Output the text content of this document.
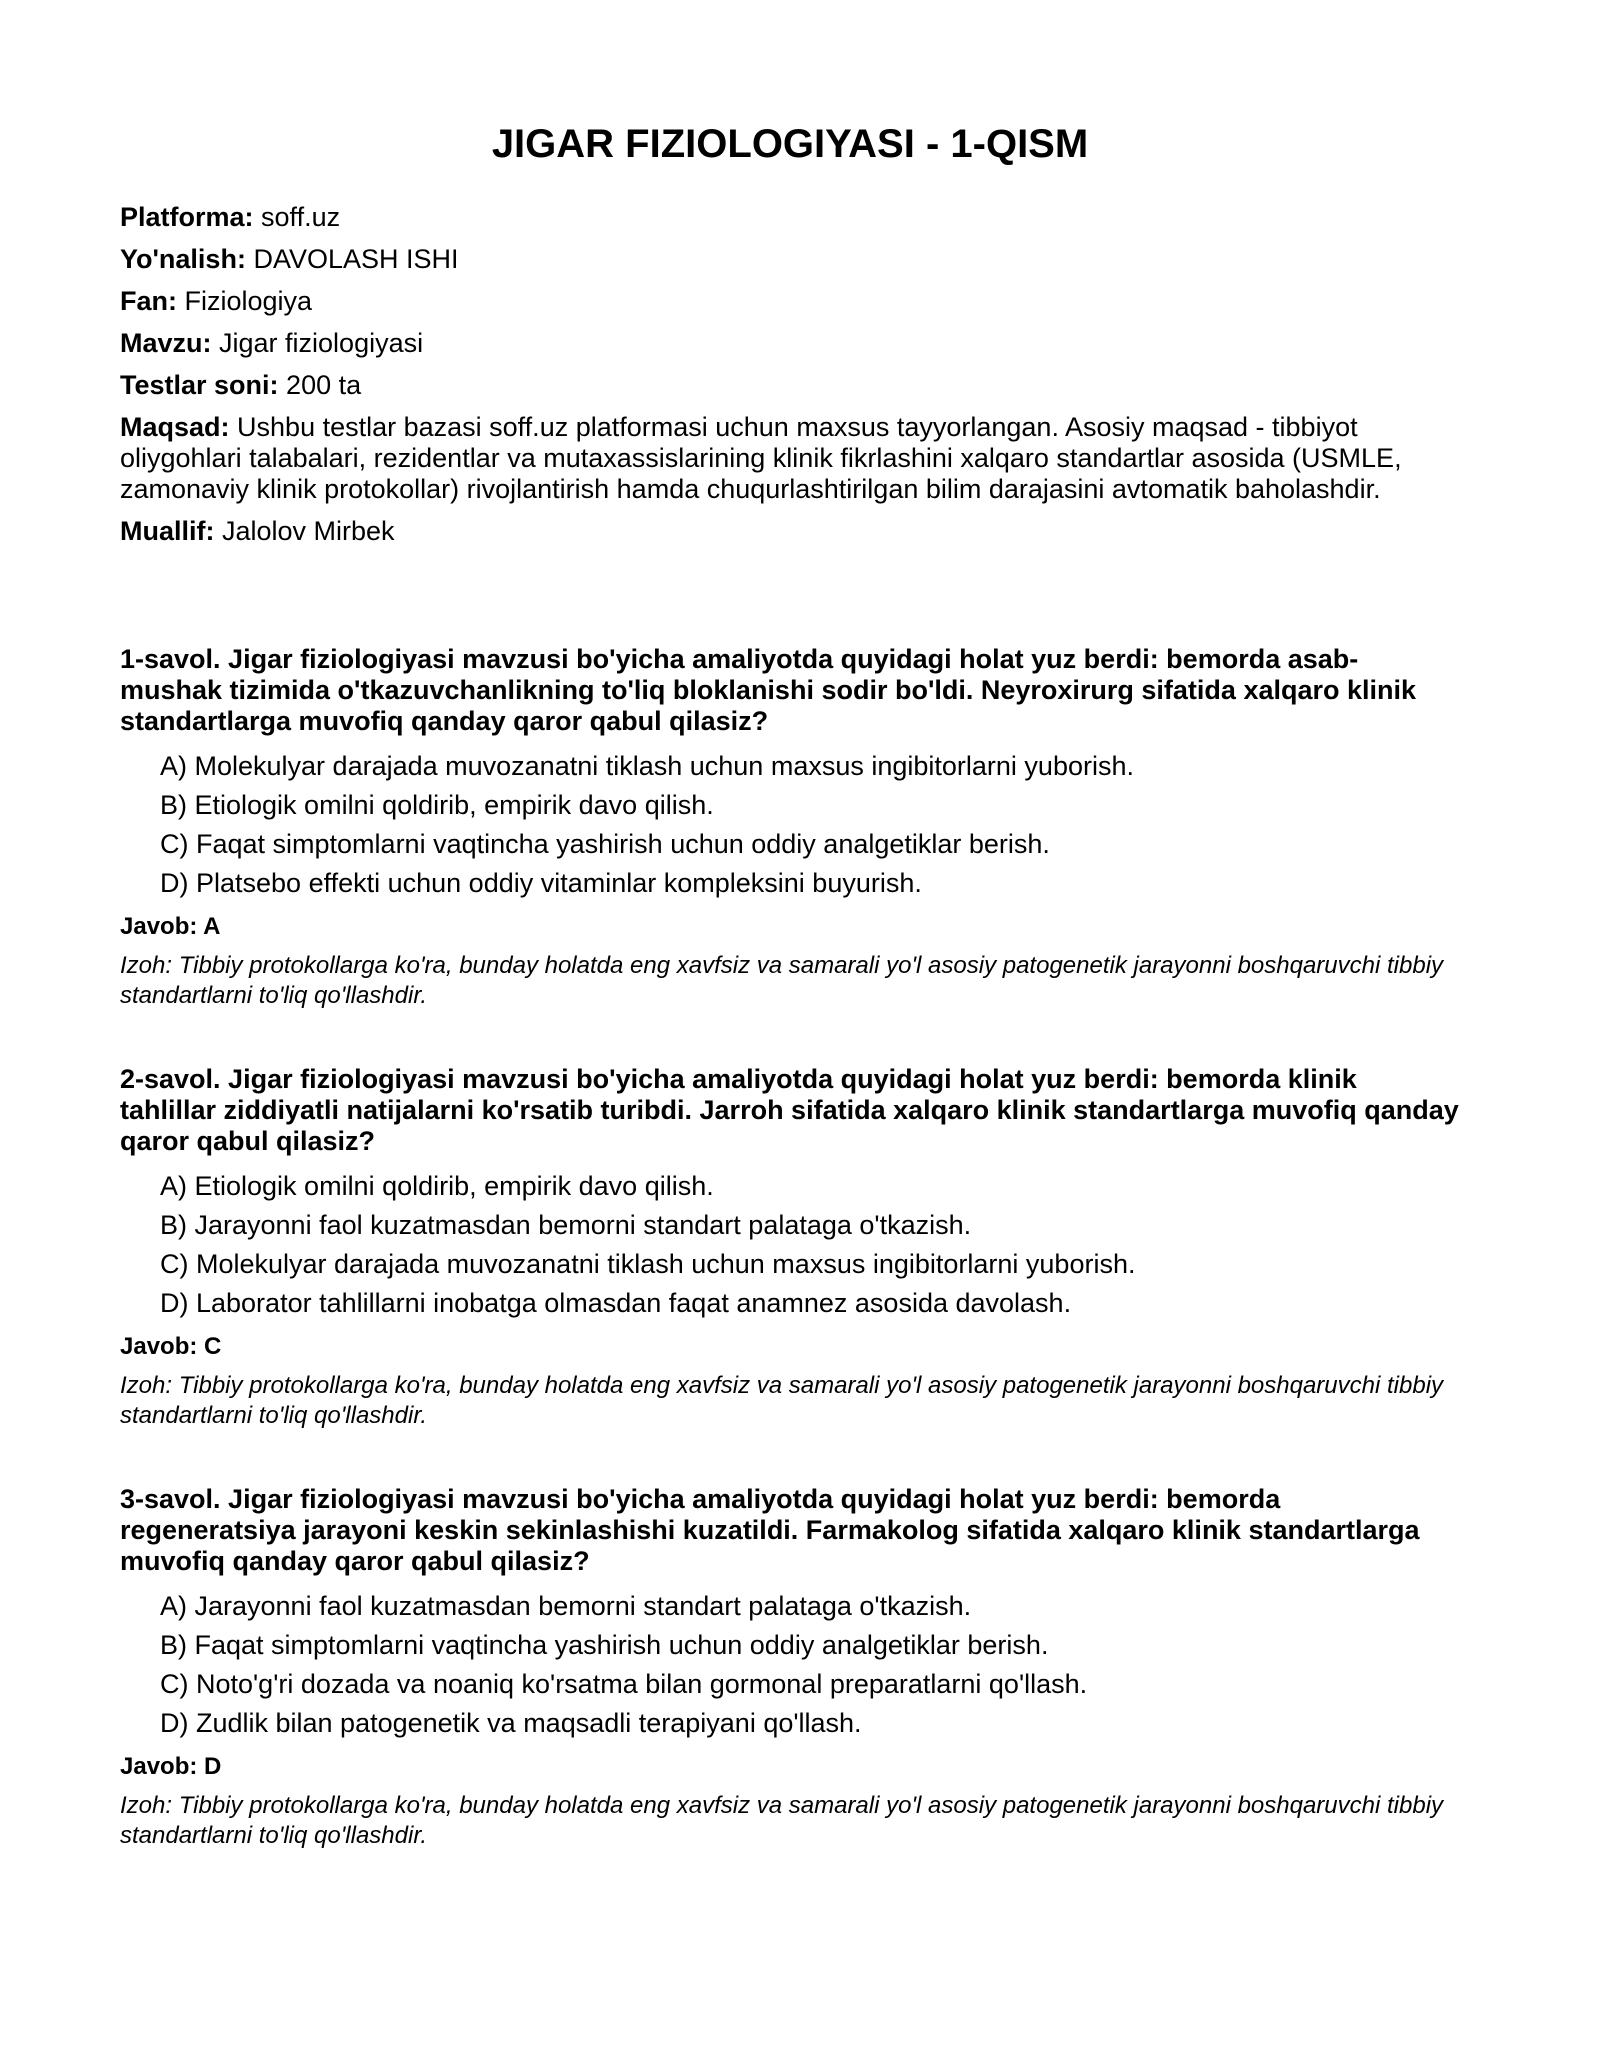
JIGAR FIZIOLOGIYASI - 1-QISM

Platforma: soff.uz

Yo'nalish: DAVOLASH ISHI

Fan: Fiziologiya

Mavzu: Jigar fiziologiyasi

Testlar soni: 200 ta

Maqsad: Ushbu testlar bazasi soff.uz platformasi uchun maxsus tayyorlangan. Asosiy maqsad - tibbiyot oliygohlari talabalari, rezidentlar va mutaxassislarining klinik fikrlashini xalqaro standartlar asosida (USMLE, zamonaviy klinik protokollar) rivojlantirish hamda chuqurlashtirilgan bilim darajasini avtomatik baholashdir.

Muallif: Jalolov Mirbek

1-savol. Jigar fiziologiyasi mavzusi bo'yicha amaliyotda quyidagi holat yuz berdi: bemorda asab-mushak tizimida o'tkazuvchanlikning to'liq bloklanishi sodir bo'ldi. Neyroxirurg sifatida xalqaro klinik standartlarga muvofiq qanday qaror qabul qilasiz?

A) Molekulyar darajada muvozanatni tiklash uchun maxsus ingibitorlarni yuborish.
B) Etiologik omilni qoldirib, empirik davo qilish.
C) Faqat simptomlarni vaqtincha yashirish uchun oddiy analgetiklar berish.
D) Platsebo effekti uchun oddiy vitaminlar kompleksini buyurish.

Javob: A

Izoh: Tibbiy protokollarga ko'ra, bunday holatda eng xavfsiz va samarali yo'l asosiy patogenetik jarayonni boshqaruvchi tibbiy standartlarni to'liq qo'llashdir.

2-savol. Jigar fiziologiyasi mavzusi bo'yicha amaliyotda quyidagi holat yuz berdi: bemorda klinik tahlillar ziddiyatli natijalarni ko'rsatib turibdi. Jarroh sifatida xalqaro klinik standartlarga muvofiq qanday qaror qabul qilasiz?

A) Etiologik omilni qoldirib, empirik davo qilish.
B) Jarayonni faol kuzatmasdan bemorni standart palataga o'tkazish.
C) Molekulyar darajada muvozanatni tiklash uchun maxsus ingibitorlarni yuborish.
D) Laborator tahlillarni inobatga olmasdan faqat anamnez asosida davolash.

Javob: C

Izoh: Tibbiy protokollarga ko'ra, bunday holatda eng xavfsiz va samarali yo'l asosiy patogenetik jarayonni boshqaruvchi tibbiy standartlarni to'liq qo'llashdir.

3-savol. Jigar fiziologiyasi mavzusi bo'yicha amaliyotda quyidagi holat yuz berdi: bemorda regeneratsiya jarayoni keskin sekinlashishi kuzatildi. Farmakolog sifatida xalqaro klinik standartlarga muvofiq qanday qaror qabul qilasiz?

A) Jarayonni faol kuzatmasdan bemorni standart palataga o'tkazish.
B) Faqat simptomlarni vaqtincha yashirish uchun oddiy analgetiklar berish.
C) Noto'g'ri dozada va noaniq ko'rsatma bilan gormonal preparatlarni qo'llash.
D) Zudlik bilan patogenetik va maqsadli terapiyani qo'llash.

Javob: D

Izoh: Tibbiy protokollarga ko'ra, bunday holatda eng xavfsiz va samarali yo'l asosiy patogenetik jarayonni boshqaruvchi tibbiy standartlarni to'liq qo'llashdir.
